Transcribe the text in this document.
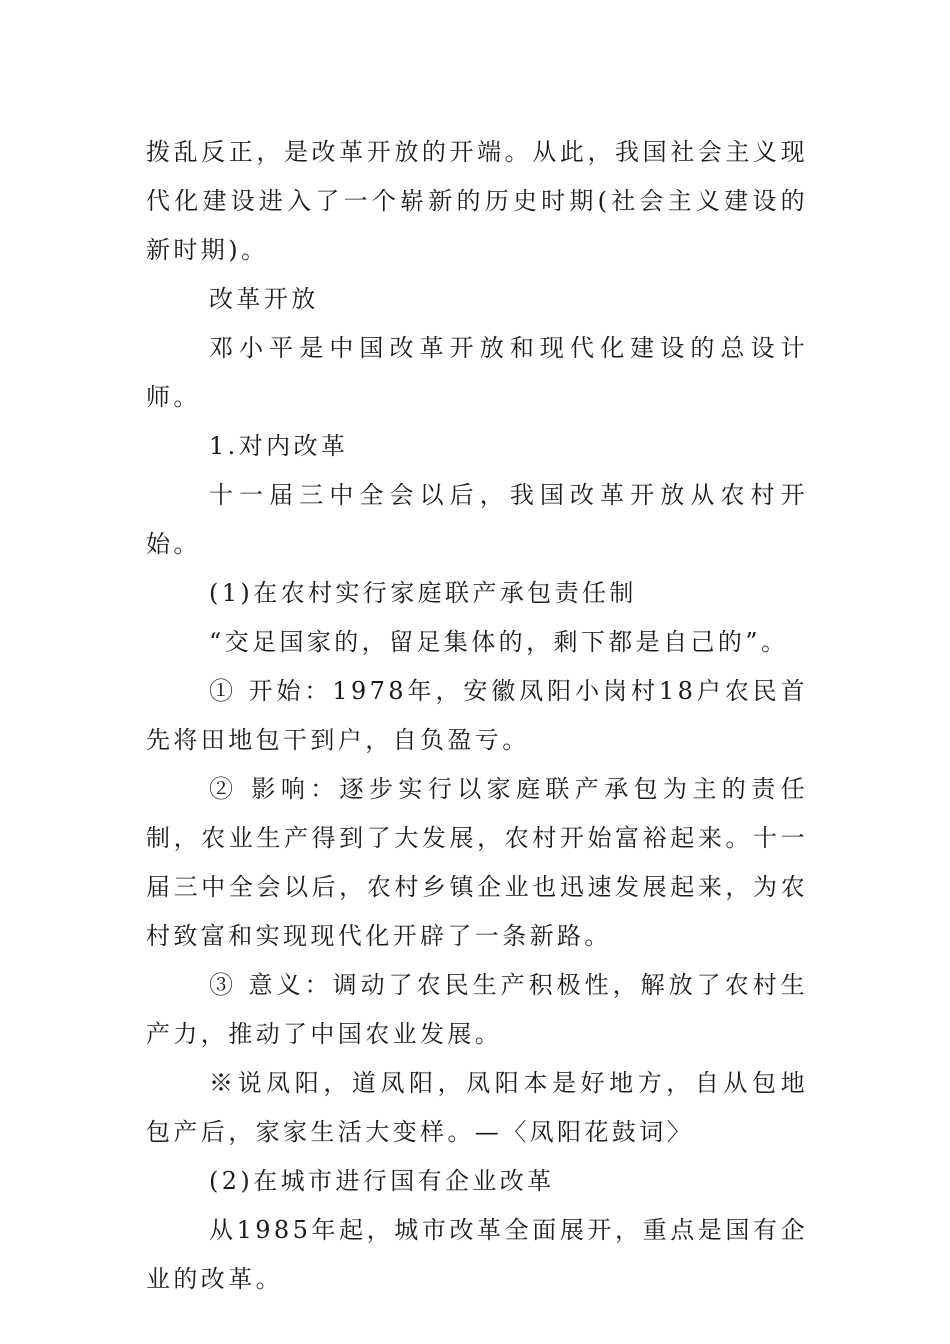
拨乱反正，是改革开放的开端。从此，我国社会主义现代化建设进入了一个崭新的历史时期(社会主义建设的新时期)。

改革开放

邓小平是中国改革开放和现代化建设的总设计师。

1.对内改革

十一届三中全会以后，我国改革开放从农村开始。

(1)在农村实行家庭联产承包责任制

“交足国家的，留足集体的，剩下都是自己的”。

① 开始：1978年，安徽凤阳小岗村18户农民首先将田地包干到户，自负盈亏。

② 影响：逐步实行以家庭联产承包为主的责任制，农业生产得到了大发展，农村开始富裕起来。十一届三中全会以后，农村乡镇企业也迅速发展起来，为农村致富和实现现代化开辟了一条新路。

③ 意义：调动了农民生产积极性，解放了农村生产力，推动了中国农业发展。

※说凤阳，道凤阳，凤阳本是好地方，自从包地包产后，家家生活大变样。—〈凤阳花鼓词〉

(2)在城市进行国有企业改革

从1985年起，城市改革全面展开，重点是国有企业的改革。
